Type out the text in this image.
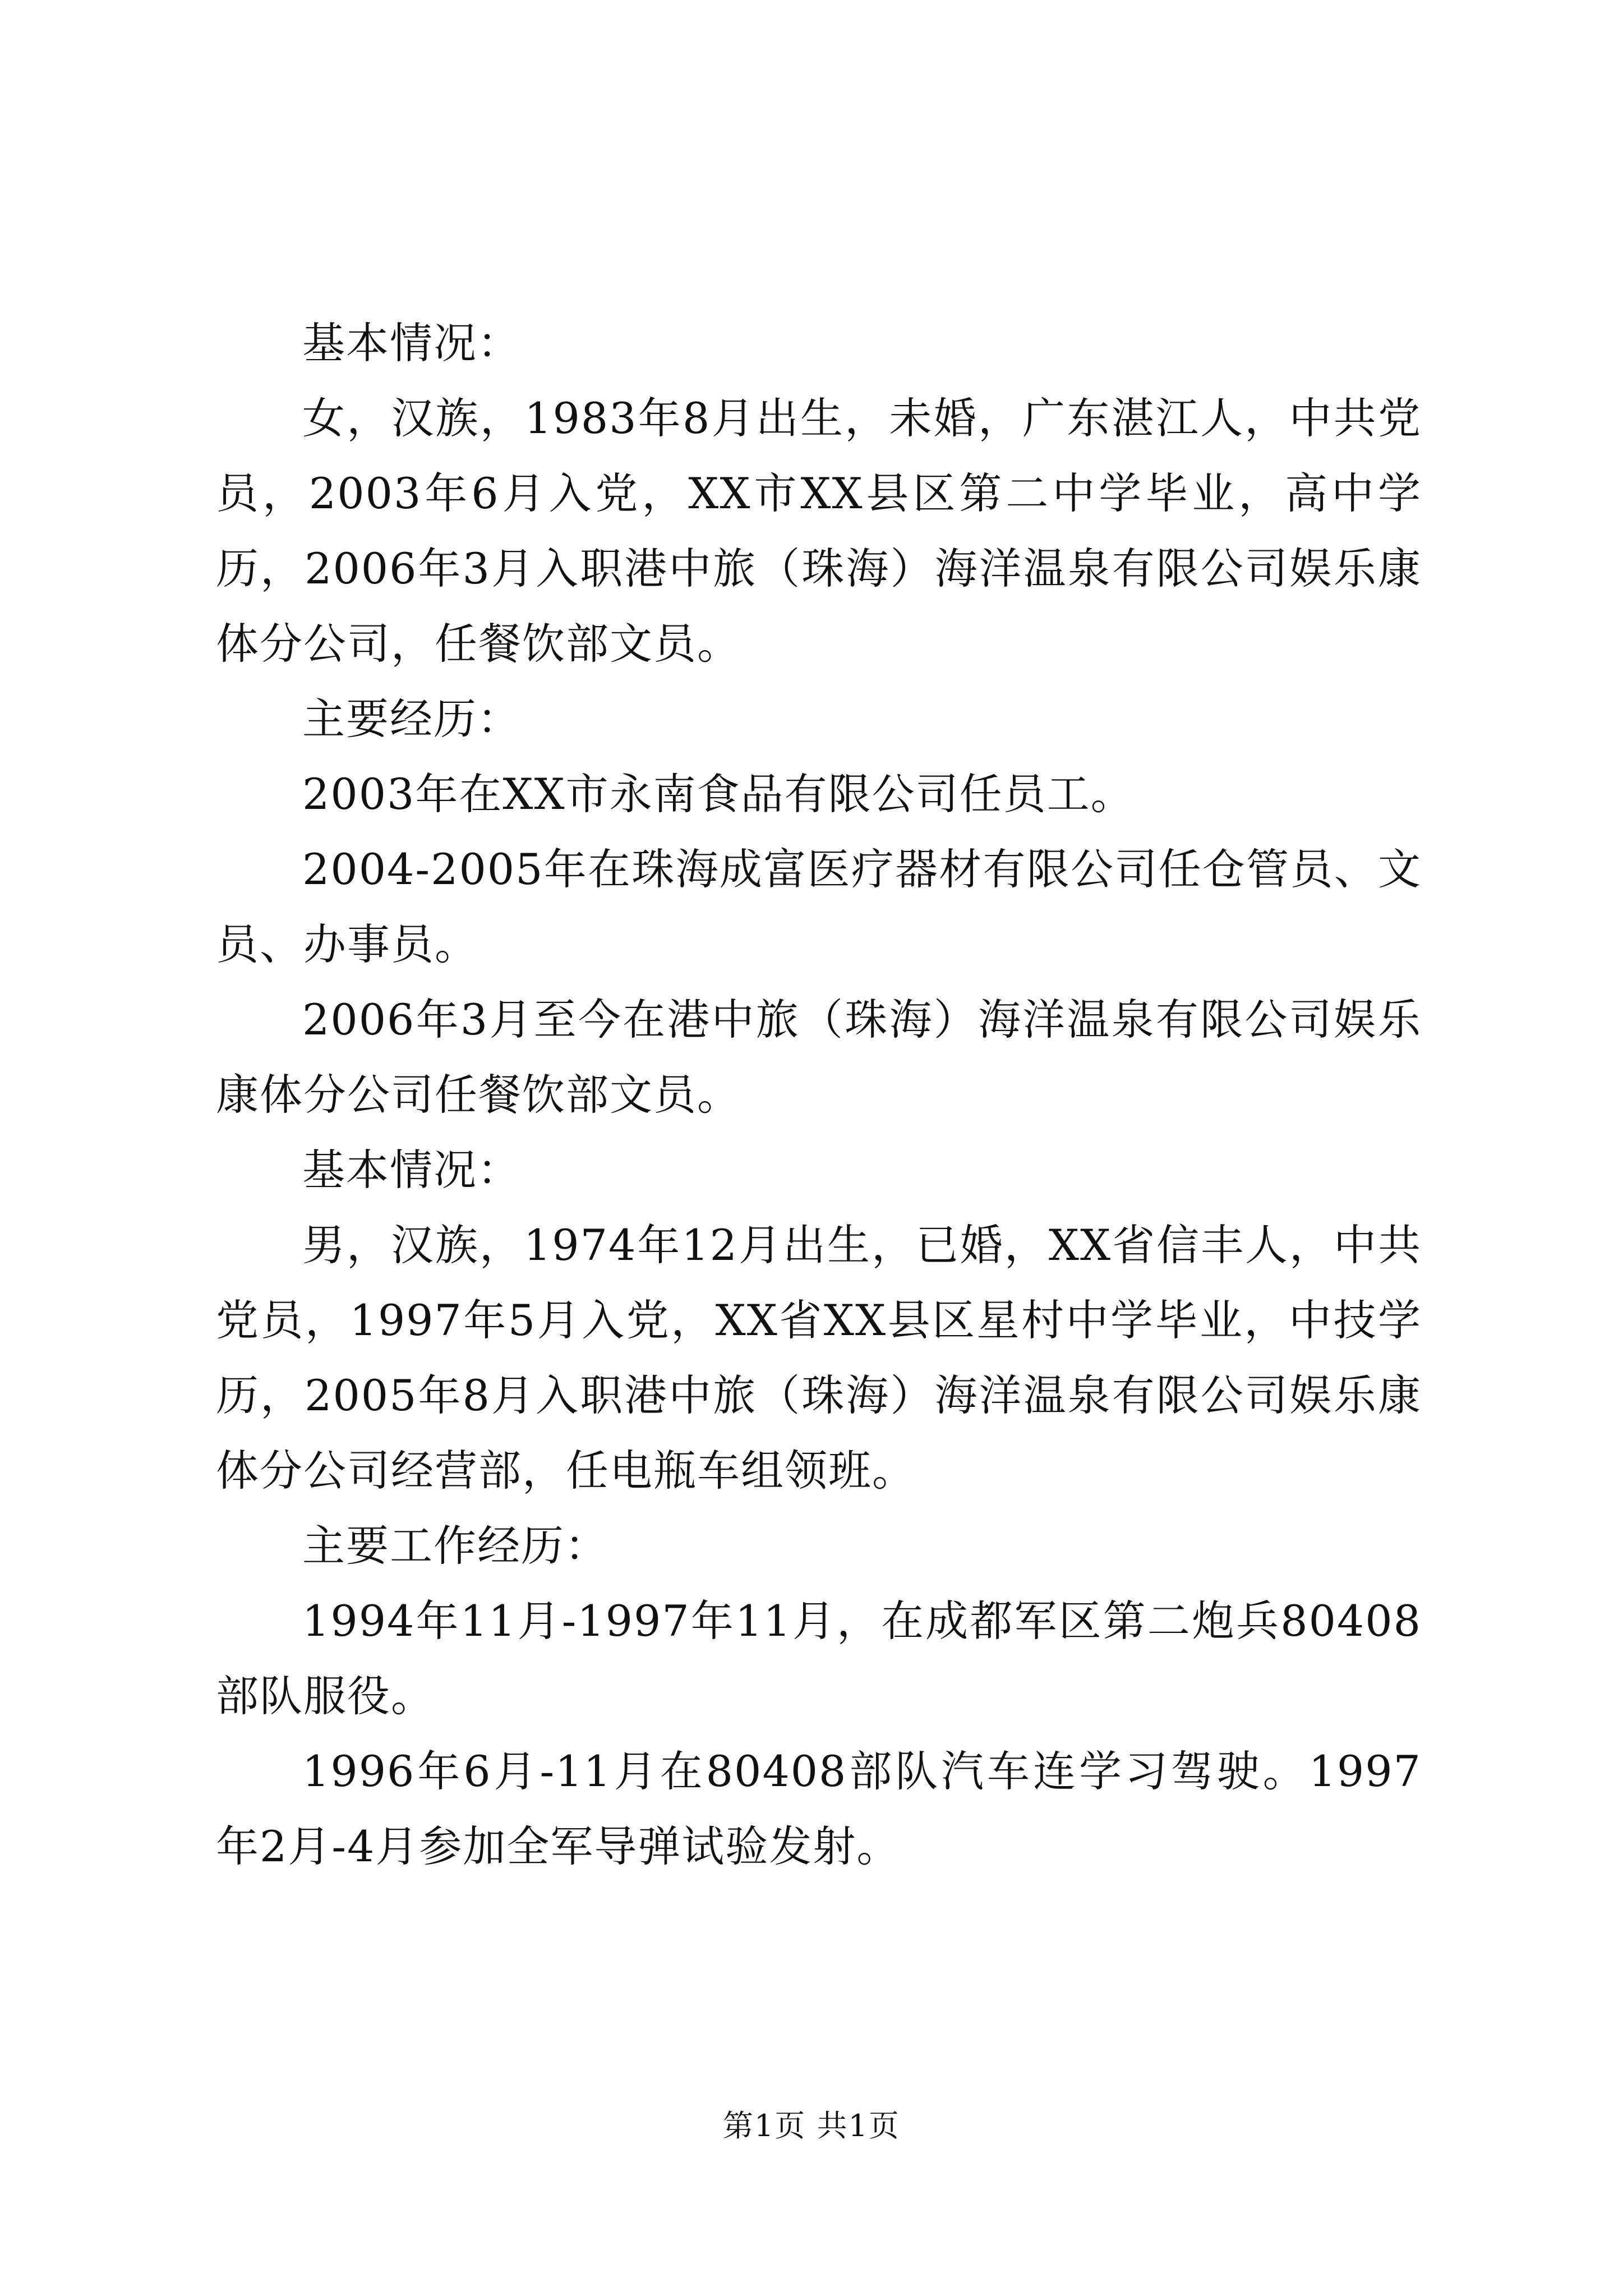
基本情况：

女，汉族，1983年8月出生，未婚，广东湛江人，中共党员，2003年6月入党，XX市XX县区第二中学毕业，高中学历，2006年3月入职港中旅（珠海）海洋温泉有限公司娱乐康体分公司，任餐饮部文员。

主要经历：

2003年在XX市永南食品有限公司任员工。

2004-2005年在珠海成富医疗器材有限公司任仓管员、文员、办事员。

2006年3月至今在港中旅（珠海）海洋温泉有限公司娱乐康体分公司任餐饮部文员。

基本情况：

男，汉族，1974年12月出生，已婚，XX省信丰人，中共党员，1997年5月入党，XX省XX县区星村中学毕业，中技学历，2005年8月入职港中旅（珠海）海洋温泉有限公司娱乐康体分公司经营部，任电瓶车组领班。

主要工作经历：

1994年11月-1997年11月，在成都军区第二炮兵80408部队服役。

1996年6月-11月在80408部队汽车连学习驾驶。1997年2月-4月参加全军导弹试验发射。

第1页 共1页
